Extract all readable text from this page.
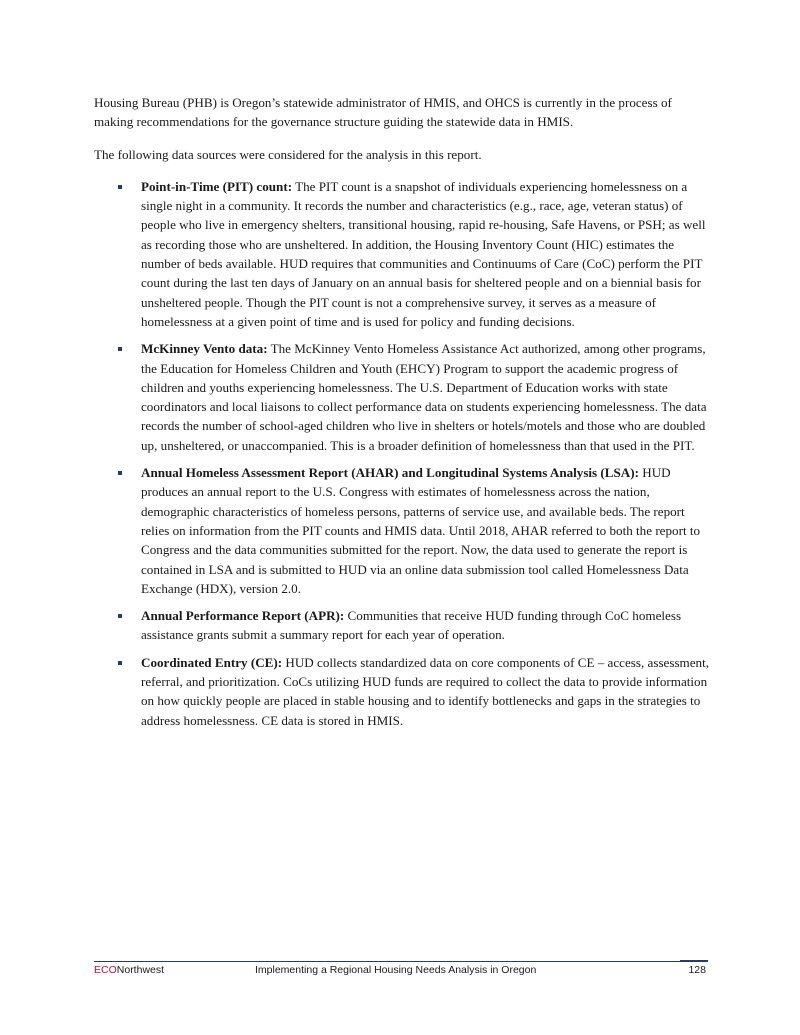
Housing Bureau (PHB) is Oregon’s statewide administrator of HMIS, and OHCS is currently in the process of making recommendations for the governance structure guiding the statewide data in HMIS.

The following data sources were considered for the analysis in this report.

Point-in-Time (PIT) count: The PIT count is a snapshot of individuals experiencing homelessness on a single night in a community. It records the number and characteristics (e.g., race, age, veteran status) of people who live in emergency shelters, transitional housing, rapid re-housing, Safe Havens, or PSH; as well as recording those who are unsheltered. In addition, the Housing Inventory Count (HIC) estimates the number of beds available. HUD requires that communities and Continuums of Care (CoC) perform the PIT count during the last ten days of January on an annual basis for sheltered people and on a biennial basis for unsheltered people. Though the PIT count is not a comprehensive survey, it serves as a measure of homelessness at a given point of time and is used for policy and funding decisions.
McKinney Vento data: The McKinney Vento Homeless Assistance Act authorized, among other programs, the Education for Homeless Children and Youth (EHCY) Program to support the academic progress of children and youths experiencing homelessness. The U.S. Department of Education works with state coordinators and local liaisons to collect performance data on students experiencing homelessness. The data records the number of school-aged children who live in shelters or hotels/motels and those who are doubled up, unsheltered, or unaccompanied. This is a broader definition of homelessness than that used in the PIT.
Annual Homeless Assessment Report (AHAR) and Longitudinal Systems Analysis (LSA): HUD produces an annual report to the U.S. Congress with estimates of homelessness across the nation, demographic characteristics of homeless persons, patterns of service use, and available beds. The report relies on information from the PIT counts and HMIS data. Until 2018, AHAR referred to both the report to Congress and the data communities submitted for the report. Now, the data used to generate the report is contained in LSA and is submitted to HUD via an online data submission tool called Homelessness Data Exchange (HDX), version 2.0.
Annual Performance Report (APR): Communities that receive HUD funding through CoC homeless assistance grants submit a summary report for each year of operation.
Coordinated Entry (CE): HUD collects standardized data on core components of CE – access, assessment, referral, and prioritization. CoCs utilizing HUD funds are required to collect the data to provide information on how quickly people are placed in stable housing and to identify bottlenecks and gaps in the strategies to address homelessness. CE data is stored in HMIS.
ECONorthwest	Implementing a Regional Housing Needs Analysis in Oregon	128
